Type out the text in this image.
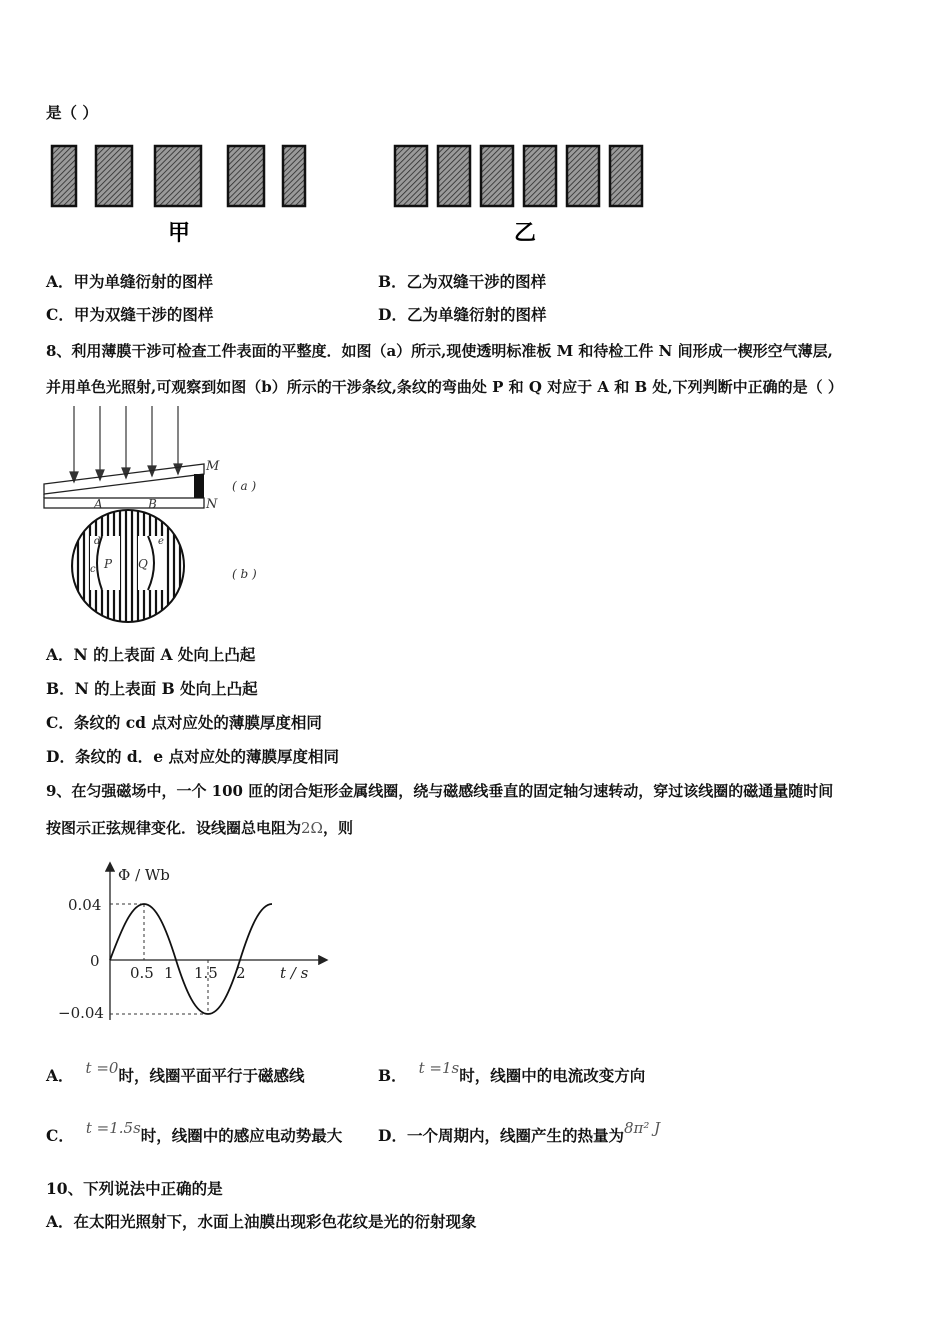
是（ ）
甲	乙
A．甲为单缝衍射的图样	B．乙为双缝干涉的图样
C．甲为双缝干涉的图样	D．乙为单缝衍射的图样
8、利用薄膜干涉可检查工件表面的平整度．如图（a）所示,现使透明标准板 M 和待检工件 N 间形成一楔形空气薄层,
并用单色光照射,可观察到如图（b）所示的干涉条纹,条纹的弯曲处 P 和 Q 对应于 A 和 B 处,下列判断中正确的是（ ）
M
N
A	B
( a )
( b )
P Q
d
c
e
A．N 的上表面 A 处向上凸起
B．N 的上表面 B 处向上凸起
C．条纹的 cd 点对应处的薄膜厚度相同
D．条纹的 d．e 点对应处的薄膜厚度相同
9、在匀强磁场中，一个 100 匝的闭合矩形金属线圈，绕与磁感线垂直的固定轴匀速转动，穿过该线圈的磁通量随时间
按图示正弦规律变化．设线圈总电阻为2Ω，则
Φ / Wb
t / s
0.04
0
−0.04
0.5 1 1.5 2
A． t =0时，线圈平面平行于磁感线	B． t =1s时，线圈中的电流改变方向
C． t =1.5s时，线圈中的感应电动势最大 D．一个周期内，线圈产生的热量为8π² J
10、下列说法中正确的是
A．在太阳光照射下，水面上油膜出现彩色花纹是光的衍射现象
